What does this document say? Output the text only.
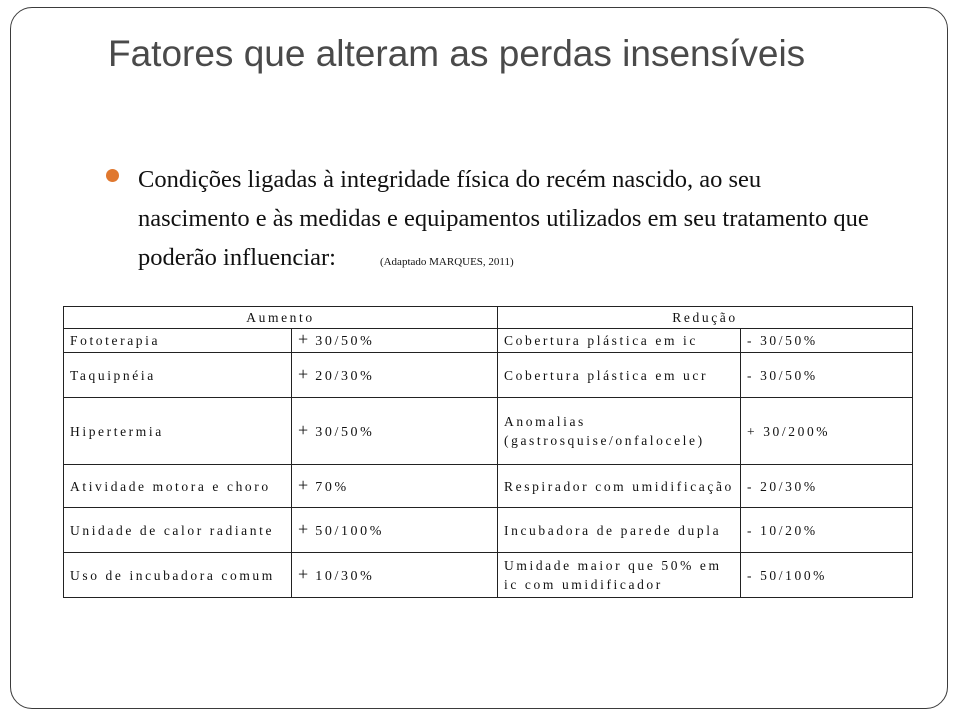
Fatores que alteram as perdas insensíveis
Condições ligadas à integridade física do recém nascido, ao seu nascimento e às medidas e equipamentos utilizados em seu tratamento que poderão influenciar:	(Adaptado MARQUES, 2011)
Aumento		Redução	
Fototerapia	+ 30/50%	Cobertura plástica em ic	- 30/50%
Taquipnéia	+ 20/30%	Cobertura plástica em ucr	- 30/50%
Hipertermia	+ 30/50%	Anomalias (gastrosquise/onfalocele)	+ 30/200%
Atividade motora e choro	+ 70%	Respirador com umidificação	- 20/30%
Unidade de calor radiante	+ 50/100%	Incubadora de parede dupla	- 10/20%
Uso de incubadora comum	+ 10/30%	Umidade maior que 50% em ic com umidificador	- 50/100%
